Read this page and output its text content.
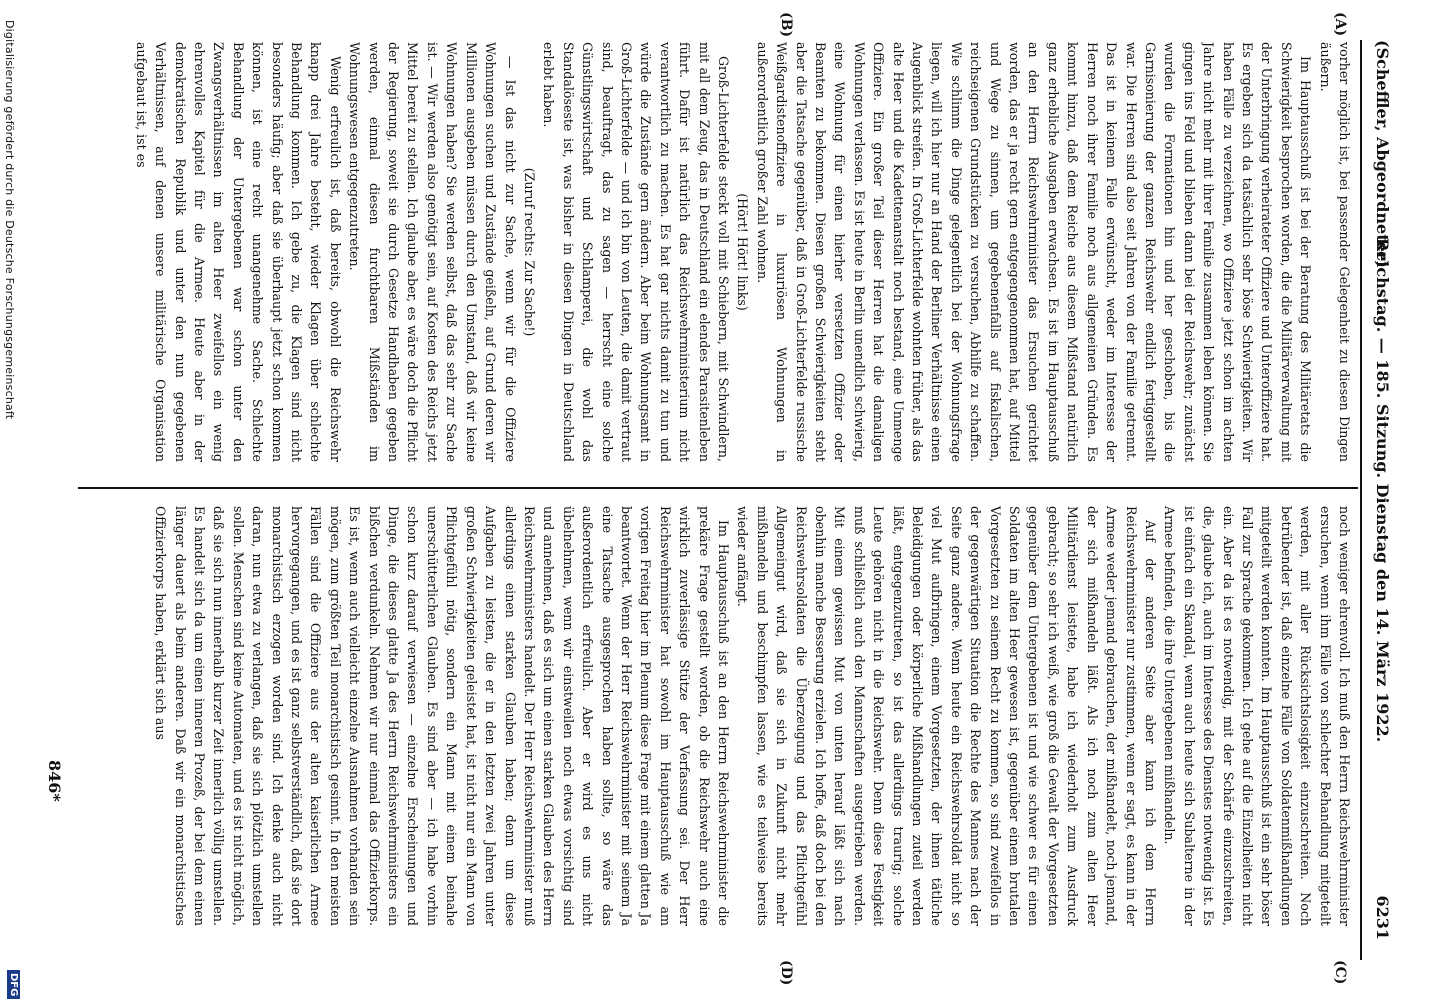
(Scheffler, Abgeordneter)
Reichstag. — 185. Sitzung. Dienstag den 14. März 1922.
6231
(A)
(B)
(C)
(D)

vorher möglich ist, bei passender Gelegenheit zu diesen Dingen äußern.

Im Hauptausschuß ist bei der Beratung des Militäretats die Schwierigkeit besprochen worden, die die Militärverwaltung mit der Unterbringung verheirateter Offiziere und Unteroffiziere hat. Es ergeben sich da tatsächlich sehr böse Schwierigkeiten. Wir haben Fälle zu verzeichnen, wo Offiziere jetzt schon im achten Jahre nicht mehr mit ihrer Familie zusammen leben können. Sie gingen ins Feld und blieben dann bei der Reichswehr; zunächst wurden die Formationen hin und her geschoben, bis die Garnisonierung der ganzen Reichswehr endlich fertiggestellt war. Die Herren sind also seit Jahren von der Familie getrennt. Das ist in keinem Falle erwünscht, weder im Interesse der Herren noch ihrer Familie noch aus allgemeinen Gründen. Es kommt hinzu, daß dem Reiche aus diesem Mißstand natürlich ganz erhebliche Ausgaben erwachsen. Es ist im Hauptausschuß an den Herrn Reichswehrminister das Ersuchen gerichtet worden, das er ja recht gern entgegengenommen hat, auf Mittel und Wege zu sinnen, um gegebenenfalls auf fiskalischen, reichseigenen Grundstücken zu versuchen, Abhilfe zu schaffen. Wie schlimm die Dinge gelegentlich bei der Wohnungsfrage liegen, will ich hier nur an Hand der Berliner Verhältnisse einen Augenblick streifen. In Groß-Lichterfelde wohnten früher, als das alte Heer und die Kadettenanstalt noch bestand, eine Unmenge Offiziere. Ein großer Teil dieser Herren hat die damaligen Wohnungen verlassen. Es ist heute in Berlin unendlich schwierig, eine Wohnung für einen hierher versetzten Offizier oder Beamten zu bekommen. Diesen großen Schwierigkeiten steht aber die Tatsache gegenüber, daß in Groß-Lichterfelde russische Weißgardistenoffiziere in luxuriösen Wohnungen in außerordentlich großer Zahl wohnen.

(Hört! Hört! links)

Groß-Lichterfelde steckt voll mit Schiebern, mit Schwindlern, mit all dem Zeug, das in Deutschland ein elendes Parasitenleben führt. Dafür ist natürlich das Reichswehrministerium nicht verantwortlich zu machen. Es hat gar nichts damit zu tun und würde die Zustände gern ändern. Aber beim Wohnungsamt in Groß-Lichterfelde — und ich bin von Leuten, die damit vertraut sind, beauftragt, das zu sagen — herrscht eine solche Günstlingswirtschaft und Schlamperei, die wohl das Standalöseste ist, was bisher in diesen Dingen in Deutschland erlebt haben.

(Zuruf rechts: Zur Sache!)

— Ist das nicht zur Sache, wenn wir für die Offiziere Wohnungen suchen und Zustände geißeln, auf Grund deren wir Millionen ausgeben müssen durch den Umstand, daß wir keine Wohnungen haben? Sie werden selbst, daß das sehr zur Sache ist. — Wir werden also genötigt sein, auf Kosten des Reichs jetzt Mittel bereit zu stellen. Ich glaube aber, es wäre doch die Pflicht der Regierung, soweit sie durch Gesetze Handhaben gegeben werden, einmal diesen furchtbaren Mißständen im Wohnungswesen entgegenzutreten.

Wenig erfreulich ist, daß bereits, obwohl die Reichswehr knapp drei Jahre besteht, wieder Klagen über schlechte Behandlung kommen. Ich gebe zu, die Klagen sind nicht besonders häufig; aber daß sie überhaupt jetzt schon kommen können, ist eine recht unangenehme Sache. Schlechte Behandlung der Untergebenen war schon unter den Zwangsverhältnissen im alten Heer zweifellos ein wenig ehrenvolles Kapitel für die Armee. Heute aber in der demokratischen Republik und unter den nun gegebenen Verhältnissen, auf denen unsere militärische Organisation aufgebaut ist, ist es

noch weniger ehrenvoll. Ich muß den Herrn Reichswehrminister ersuchen, wenn ihm Fälle von schlechter Behandlung mitgeteilt werden, mit aller Rücksichtslosigkeit einzuschreiten. Noch betrübender ist, daß einzelne Fälle von Soldatenmißhandlungen mitgeteilt werden konnten. Im Hauptausschuß ist ein sehr böser Fall zur Sprache gekommen. Ich gehe auf die Einzelheiten nicht ein. Aber da ist es notwendig, mit der Schärfe einzuschreiten, die, glaube ich, auch im Interesse des Dienstes notwendig ist. Es ist einfach ein Skandal, wenn auch heute sich Subalterne in der Armee befinden, die ihre Untergebenen mißhandeln.

Auf der anderen Seite aber kann ich dem Herrn Reichswehrminister nur zustimmen, wenn er sagt, es kann in der Armee weder jemand gebrauchen, der mißhandelt, noch jemand, der sich mißhandeln läßt. Als ich noch zum alten Heer Militärdienst leistete, habe ich wiederholt zum Ausdruck gebracht; so sehr ich weiß, wie groß die Gewalt der Vorgesetzten gegenüber dem Untergebenen ist und wie schwer es für einen Soldaten im alten Heer gewesen ist, gegenüber einem brutalen Vorgesetzten zu seinem Recht zu kommen, so sind zweifellos in der gegenwärtigen Situation die Rechte des Mannes nach der Seite ganz andere. Wenn heute ein Reichswehrsoldat nicht so viel Mut aufbringen, einem Vorgesetzten, der ihnen tätliche Beleidigungen oder körperliche Mißhandlungen zuteil werden läßt, entgegenzutreten, so ist das allerdings traurig; solche Leute gehören nicht in die Reichswehr. Denn diese Festigkeit muß schließlich auch den Mannschaften ausgetrieben werden. Mit einem gewissen Mut von unten herauf läßt sich nach obenhin manche Besserung erzielen. Ich hoffe, daß doch bei den Reichswehrsoldaten die Überzeugung und das Pflichtgefühl Allgemeingut wird, daß sie sich in Zukunft nicht mehr mißhandeln und beschimpfen lassen, wie es teilweise bereits wieder anfängt.

Im Hauptausschuß ist an den Herrn Reichswehrminister die prekäre Frage gestellt worden, ob die Reichswehr auch eine wirklich zuverlässige Stütze der Verfassung sei. Der Herr Reichswehrminister hat sowohl im Hauptausschuß wie am vorigen Freitag hier im Plenum diese Frage mit einem glatten Ja beantwortet. Wenn der Herr Reichswehrminister mit seinem Ja eine Tatsache ausgesprochen haben sollte, so wäre das außerordentlich erfreulich. Aber er wird es uns nicht übelnehmen, wenn wir einstweilen noch etwas vorsichtig sind und annehmen, daß es sich um einen starken Glauben des Herrn Reichswehrministers handelt. Der Herr Reichswehrminister muß allerdings einen starken Glauben haben; denn um diese Aufgaben zu leisten, die er in den letzten zwei Jahren unter großen Schwierigkeiten geleistet hat, ist nicht nur ein Mann von Pflichtgefühl nötig, sondern ein Mann mit einem beinahe unerschütterlichen Glauben. Es sind aber — ich habe vorhin schon kurz darauf verwiesen — einzelne Erscheinungen und Dinge, die dieses glatte Ja des Herrn Reichswehrministers ein bißchen verdunkeln. Nehmen wir nur einmal das Offizierkorps. Es ist, wenn auch vielleicht einzelne Ausnahmen vorhanden sein mögen, zum größten Teil monarchistisch gesinnt. In den meisten Fällen sind die Offiziere aus der alten kaiserlichen Armee hervorgegangen, und es ist ganz selbstverständlich, daß sie dort monarchistisch erzogen worden sind. Ich denke auch nicht daran, nun etwa zu verlangen, daß sie sich plötzlich umstellen sollen. Menschen sind keine Automaten, und es ist nicht möglich, daß sie sich nun innerhalb kurzer Zeit innerlich völlig umstellen. Es handelt sich da um einen inneren Prozeß, der bei dem einen länger dauert als beim anderen. Daß wir ein monarchistisches Offizierkorps haben, erklärt sich aus

846*
Digitalisierung gefördert durch die Deutsche Forschungsgemeinschaft
DFG
